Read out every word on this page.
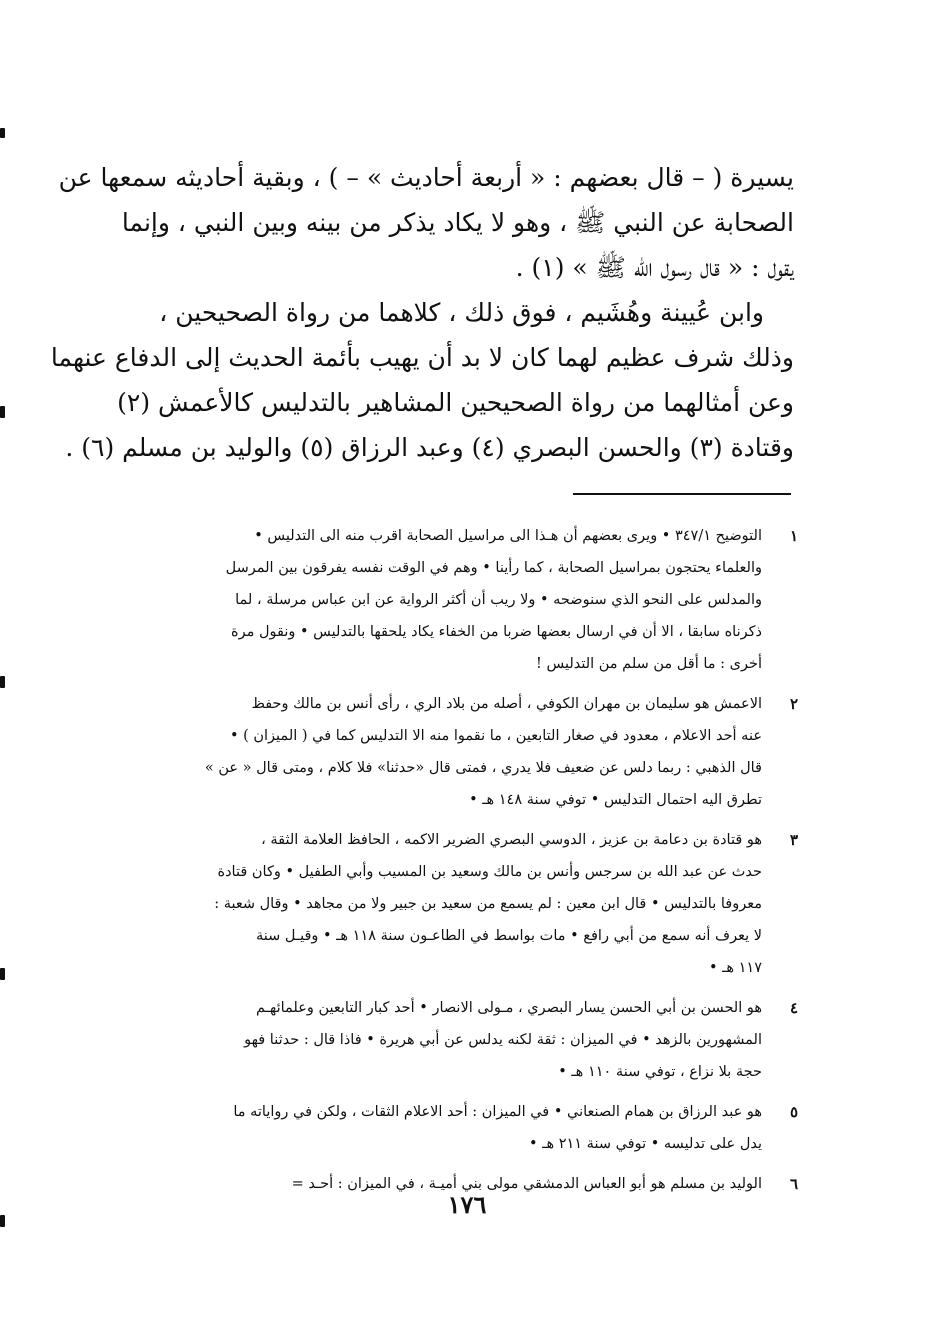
يسيرة ( – قال بعضهم : « أربعة أحاديث » – ) ، وبقية أحاديثه سمعها عن
الصحابة عن النبي ﷺ ، وهو لا يكاد يذكر من بينه وبين النبي ، وإنما
يقول : « قال رسول الله ﷺ » (١) .
وابن عُيينة وهُشَيم ، فوق ذلك ، كلاهما من رواة الصحيحين ،
وذلك شرف عظيم لهما كان لا بد أن يهيب بأئمة الحديث إلى الدفاع عنهما
وعن أمثالهما من رواة الصحيحين المشاهير بالتدليس كالأعمش (٢)
وقتادة (٣) والحسن البصري (٤) وعبد الرزاق (٥) والوليد بن مسلم (٦) .
١
التوضيح ٣٤٧/١ • ويرى بعضهم أن هـذا الى مراسيل الصحابة اقرب منه الى التدليس •
والعلماء يحتجون بمراسيل الصحابة ، كما رأينا • وهم في الوقت نفسه يفرقون بين المرسل
والمدلس على النحو الذي سنوضحه • ولا ريب أن أكثر الرواية عن ابن عباس مرسلة ، لما
ذكرناه سابقا ، الا أن في ارسال بعضها ضربا من الخفاء يكاد يلحقها بالتدليس • ونقول مرة
أخرى : ما أقل من سلم من التدليس !
٢
الاعمش هو سليمان بن مهران الكوفي ، أصله من بلاد الري ، رأى أنس بن مالك وحفظ
عنه أحد الاعلام ، معدود في صغار التابعين ، ما نقموا منه الا التدليس كما في ( الميزان ) •
قال الذهبي : ربما دلس عن ضعيف فلا يدري ، فمتى قال «حدثنا» فلا كلام ، ومتى قال « عن »
تطرق اليه احتمال التدليس • توفي سنة ١٤٨ هـ •
٣
هو قتادة بن دعامة بن عزيز ، الدوسي البصري الضرير الاكمه ، الحافظ العلامة الثقة ،
حدث عن عبد الله بن سرجس وأنس بن مالك وسعيد بن المسيب وأبي الطفيل • وكان قتادة
معروفا بالتدليس • قال ابن معين : لم يسمع من سعيد بن جبير ولا من مجاهد • وقال شعبة :
لا يعرف أنه سمع من أبي رافع • مات بواسط في الطاعـون سنة ١١٨ هـ • وقيـل سنة
١١٧ هـ •
٤
هو الحسن بن أبي الحسن يسار البصري ، مـولى الانصار • أحد كبار التابعين وعلمائهـم
المشهورين بالزهد • في الميزان : ثقة لكنه يدلس عن أبي هريرة • فاذا قال : حدثنا فهو
حجة بلا نزاع ، توفي سنة ١١٠ هـ •
٥
هو عبد الرزاق بن همام الصنعاني • في الميزان : أحد الاعلام الثقات ، ولكن في رواياته ما
يدل على تدليسه • توفي سنة ٢١١ هـ •
٦
الوليد بن مسلم هو أبو العباس الدمشقي مولى بني أميـة ، في الميزان : أحـد =
١٧٦
